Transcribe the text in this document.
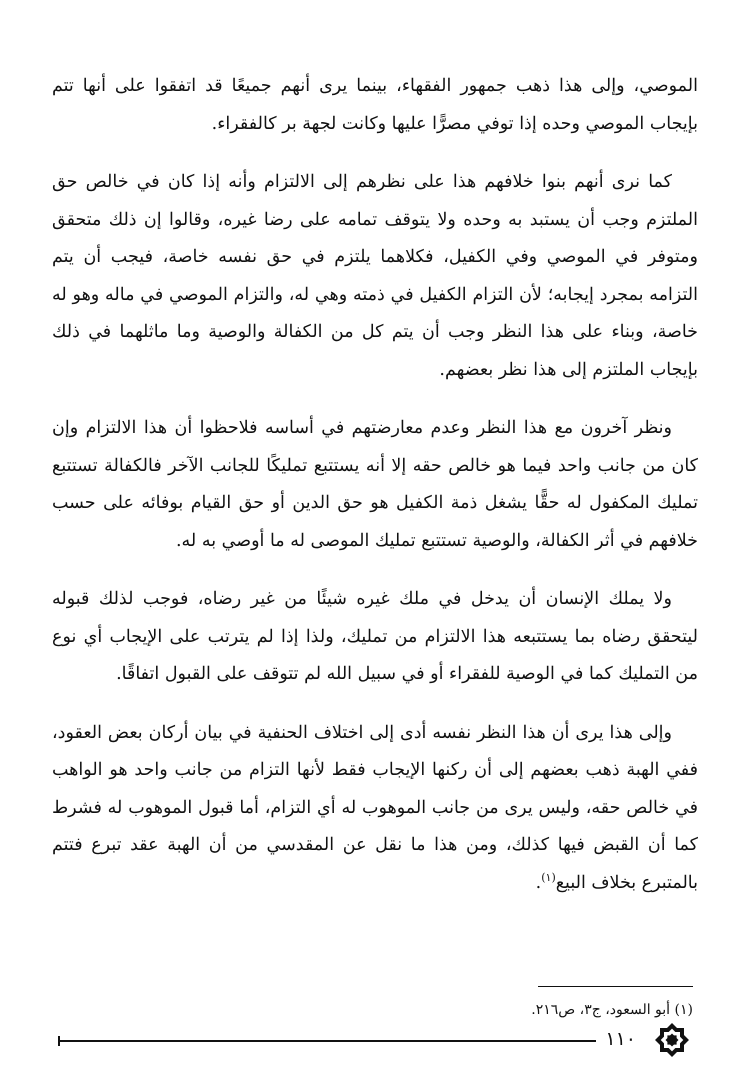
الموصي، وإلى هذا ذهب جمهور الفقهاء، بينما يرى أنهم جميعًا قد اتفقوا على أنها تتم بإيجاب الموصي وحده إذا توفي مصرًّا عليها وكانت لجهة بر كالفقراء.

كما نرى أنهم بنوا خلافهم هذا على نظرهم إلى الالتزام وأنه إذا كان في خالص حق الملتزم وجب أن يستبد به وحده ولا يتوقف تمامه على رضا غيره، وقالوا إن ذلك متحقق ومتوفر في الموصي وفي الكفيل، فكلاهما يلتزم في حق نفسه خاصة، فيجب أن يتم التزامه بمجرد إيجابه؛ لأن التزام الكفيل في ذمته وهي له، والتزام الموصي في ماله وهو له خاصة، وبناء على هذا النظر وجب أن يتم كل من الكفالة والوصية وما ماثلهما في ذلك بإيجاب الملتزم إلى هذا نظر بعضهم.

ونظر آخرون مع هذا النظر وعدم معارضتهم في أساسه فلاحظوا أن هذا الالتزام وإن كان من جانب واحد فيما هو خالص حقه إلا أنه يستتبع تمليكًا للجانب الآخر فالكفالة تستتبع تمليك المكفول له حقًّا يشغل ذمة الكفيل هو حق الدين أو حق القيام بوفائه على حسب خلافهم في أثر الكفالة، والوصية تستتبع تمليك الموصى له ما أوصي به له.

ولا يملك الإنسان أن يدخل في ملك غيره شيئًا من غير رضاه، فوجب لذلك قبوله ليتحقق رضاه بما يستتبعه هذا الالتزام من تمليك، ولذا إذا لم يترتب على الإيجاب أي نوع من التمليك كما في الوصية للفقراء أو في سبيل الله لم تتوقف على القبول اتفاقًا.

وإلى هذا يرى أن هذا النظر نفسه أدى إلى اختلاف الحنفية في بيان أركان بعض العقود، ففي الهبة ذهب بعضهم إلى أن ركنها الإيجاب فقط لأنها التزام من جانب واحد هو الواهب في خالص حقه، وليس يرى من جانب الموهوب له أي التزام، أما قبول الموهوب له فشرط كما أن القبض فيها كذلك، ومن هذا ما نقل عن المقدسي من أن الهبة عقد تبرع فتتم بالمتبرع بخلاف البيع$^{(١)}$.

(١) أبو السعود، ج٣، ص٢١٦.
١١٠
